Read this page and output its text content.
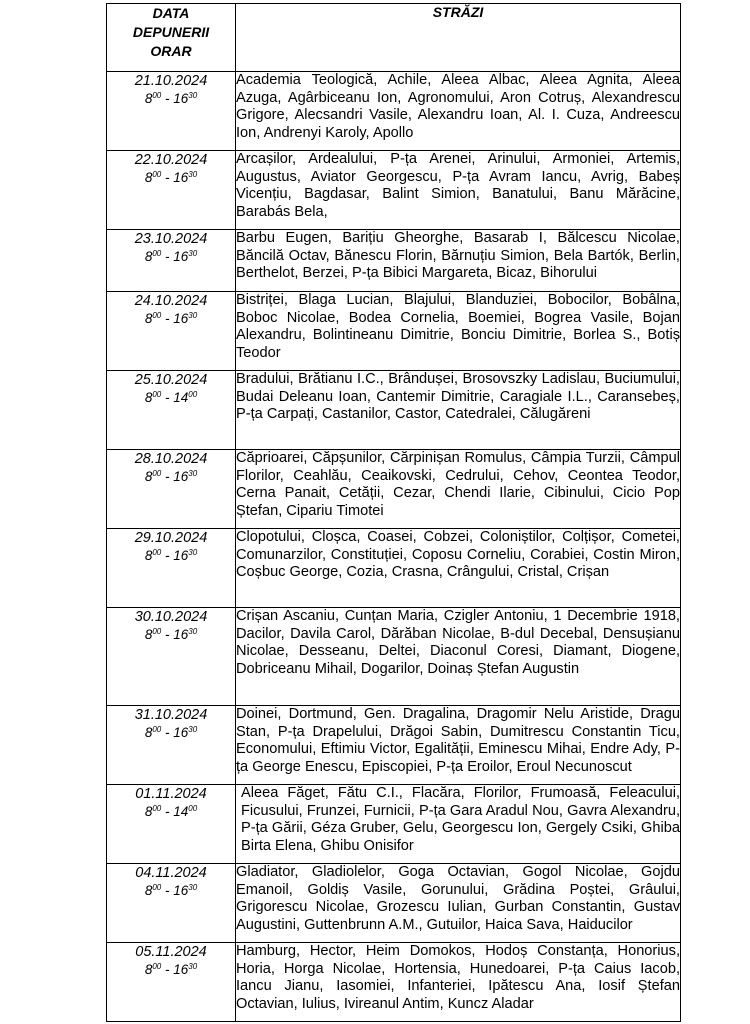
DATA
DEPUNERII
ORAR	STRĂZI

21.10.2024
$8^{00} - 16^{30}$	Academia Teologică, Achile, Aleea Albac, Aleea Agnita, Aleea Azuga, Agârbiceanu Ion, Agronomului, Aron Cotruș, Alexandrescu Grigore, Alecsandri Vasile, Alexandru Ioan, Al. I. Cuza, Andreescu Ion, Andrenyi Karoly, Apollo

22.10.2024
$8^{00} - 16^{30}$	Arcașilor, Ardealului, P-ța Arenei, Arinului, Armoniei, Artemis, Augustus, Aviator Georgescu, P-ța Avram Iancu, Avrig, Babeș Vicențiu, Bagdasar, Balint Simion, Banatului, Banu Mărăcine, Barabás Bela,

23.10.2024
$8^{00} - 16^{30}$	Barbu Eugen, Barițiu Gheorghe, Basarab I, Bălcescu Nicolae, Băncilă Octav, Bănescu Florin, Bărnuțiu Simion, Bela Bartók, Berlin, Berthelot, Berzei, P-ța Bibici Margareta, Bicaz, Bihorului

24.10.2024
$8^{00} - 16^{30}$	Bistriței, Blaga Lucian, Blajului, Blanduziei, Bobocilor, Bobâlna, Boboc Nicolae, Bodea Cornelia, Boemiei, Bogrea Vasile, Bojan Alexandru, Bolintineanu Dimitrie, Bonciu Dimitrie, Borlea S., Botiș Teodor

25.10.2024
$8^{00} - 14^{00}$	Bradului, Brătianu I.C., Brândușei, Brosovszky Ladislau, Buciumului, Budai Deleanu Ioan, Cantemir Dimitrie, Caragiale I.L., Caransebeș, P-ța Carpați, Castanilor, Castor, Catedralei, Călugăreni

28.10.2024
$8^{00} - 16^{30}$	Căprioarei, Căpșunilor, Cărpinișan Romulus, Câmpia Turzii, Câmpul Florilor, Ceahlău, Ceaikovski, Cedrului, Cehov, Ceontea Teodor, Cerna Panait, Cetății, Cezar, Chendi Ilarie, Cibinului, Cicio Pop Ștefan, Cipariu Timotei

29.10.2024
$8^{00} - 16^{30}$	Clopotului, Cloșca, Coasei, Cobzei, Coloniștilor, Colțișor, Cometei, Comunarzilor, Constituției, Coposu Corneliu, Corabiei, Costin Miron, Coșbuc George, Cozia, Crasna, Crângului, Cristal, Crișan

30.10.2024
$8^{00} - 16^{30}$	Crișan Ascaniu, Cunțan Maria, Czigler Antoniu, 1 Decembrie 1918, Dacilor, Davila Carol, Dărăban Nicolae, B-dul Decebal, Densușianu Nicolae, Desseanu, Deltei, Diaconul Coresi, Diamant, Diogene, Dobriceanu Mihail, Dogarilor, Doinaș Ștefan Augustin

31.10.2024
$8^{00} - 16^{30}$	Doinei, Dortmund, Gen. Dragalina, Dragomir Nelu Aristide, Dragu Stan, P-ța Drapelului, Drăgoi Sabin, Dumitrescu Constantin Ticu, Economului, Eftimiu Victor, Egalității, Eminescu Mihai, Endre Ady, P-ța George Enescu, Episcopiei, P-ța Eroilor, Eroul Necunoscut

01.11.2024
$8^{00} - 14^{00}$	Aleea Făget, Fătu C.I., Flacăra, Florilor, Frumoasă, Feleacului, Ficusului, Frunzei, Furnicii, P-ța Gara Aradul Nou, Gavra Alexandru, P-ța Gării, Géza Gruber, Gelu, Georgescu Ion, Gergely Csiki, Ghiba Birta Elena, Ghibu Onisifor

04.11.2024
$8^{00} - 16^{30}$	Gladiator, Gladiolelor, Goga Octavian, Gogol Nicolae, Gojdu Emanoil, Goldiș Vasile, Gorunului, Grădina Poștei, Grâului, Grigorescu Nicolae, Grozescu Iulian, Gurban Constantin, Gustav Augustini, Guttenbrunn A.M., Gutuilor, Haica Sava, Haiducilor

05.11.2024
$8^{00} - 16^{30}$	Hamburg, Hector, Heim Domokos, Hodoș Constanța, Honorius, Horia, Horga Nicolae, Hortensia, Hunedoarei, P-ța Caius Iacob, Iancu Jianu, Iasomiei, Infanteriei, Ipătescu Ana, Iosif Ștefan Octavian, Iulius, Ivireanul Antim, Kuncz Aladar
